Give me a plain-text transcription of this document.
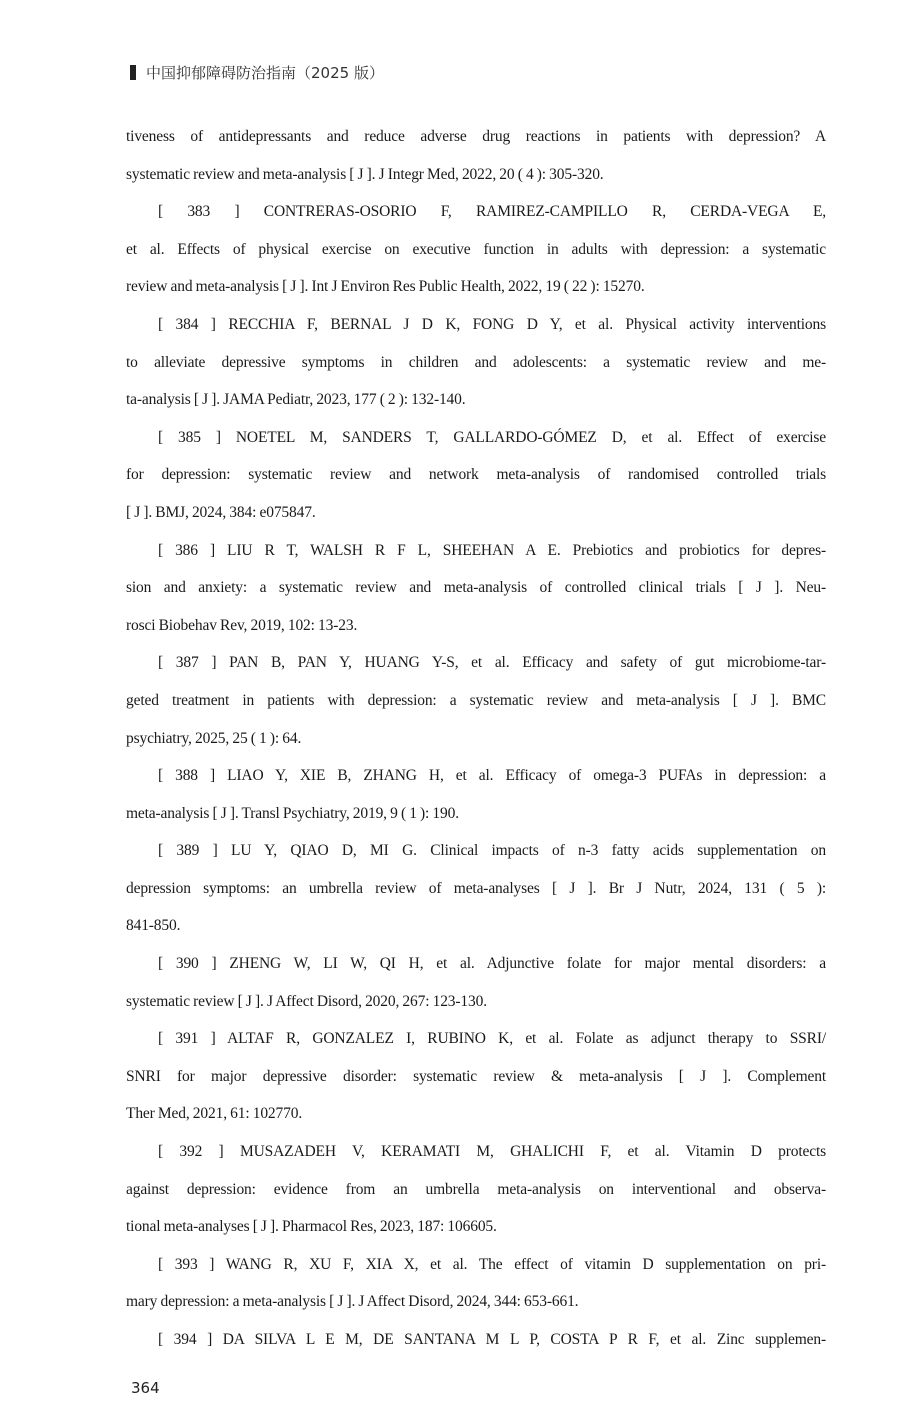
中国抑郁障碍防治指南（2025 版）
tiveness of antidepressants and reduce adverse drug reactions in patients with depression? A
systematic review and meta-analysis [ J ]. J Integr Med, 2022, 20 ( 4 ): 305-320.
[ 383 ] CONTRERAS-OSORIO F, RAMIREZ-CAMPILLO R, CERDA-VEGA E,
et al. Effects of physical exercise on executive function in adults with depression: a systematic
review and meta-analysis [ J ]. Int J Environ Res Public Health, 2022, 19 ( 22 ): 15270.
[ 384 ] RECCHIA F, BERNAL J D K, FONG D Y, et al. Physical activity interventions
to alleviate depressive symptoms in children and adolescents: a systematic review and me-
ta-analysis [ J ]. JAMA Pediatr, 2023, 177 ( 2 ): 132-140.
[ 385 ] NOETEL M, SANDERS T, GALLARDO-GÓMEZ D, et al. Effect of exercise
for depression: systematic review and network meta-analysis of randomised controlled trials
[ J ]. BMJ, 2024, 384: e075847.
[ 386 ] LIU R T, WALSH R F L, SHEEHAN A E. Prebiotics and probiotics for depres-
sion and anxiety: a systematic review and meta-analysis of controlled clinical trials [ J ]. Neu-
rosci Biobehav Rev, 2019, 102: 13-23.
[ 387 ] PAN B, PAN Y, HUANG Y-S, et al. Efficacy and safety of gut microbiome-tar-
geted treatment in patients with depression: a systematic review and meta-analysis [ J ]. BMC
psychiatry, 2025, 25 ( 1 ): 64.
[ 388 ] LIAO Y, XIE B, ZHANG H, et al. Efficacy of omega-3 PUFAs in depression: a
meta-analysis [ J ]. Transl Psychiatry, 2019, 9 ( 1 ): 190.
[ 389 ] LU Y, QIAO D, MI G. Clinical impacts of n-3 fatty acids supplementation on
depression symptoms: an umbrella review of meta-analyses [ J ]. Br J Nutr, 2024, 131 ( 5 ):
841-850.
[ 390 ] ZHENG W, LI W, QI H, et al. Adjunctive folate for major mental disorders: a
systematic review [ J ]. J Affect Disord, 2020, 267: 123-130.
[ 391 ] ALTAF R, GONZALEZ I, RUBINO K, et al. Folate as adjunct therapy to SSRI/
SNRI for major depressive disorder: systematic review & meta-analysis [ J ]. Complement
Ther Med, 2021, 61: 102770.
[ 392 ] MUSAZADEH V, KERAMATI M, GHALICHI F, et al. Vitamin D protects
against depression: evidence from an umbrella meta-analysis on interventional and observa-
tional meta-analyses [ J ]. Pharmacol Res, 2023, 187: 106605.
[ 393 ] WANG R, XU F, XIA X, et al. The effect of vitamin D supplementation on pri-
mary depression: a meta-analysis [ J ]. J Affect Disord, 2024, 344: 653-661.
[ 394 ] DA SILVA L E M, DE SANTANA M L P, COSTA P R F, et al. Zinc supplemen-
364
